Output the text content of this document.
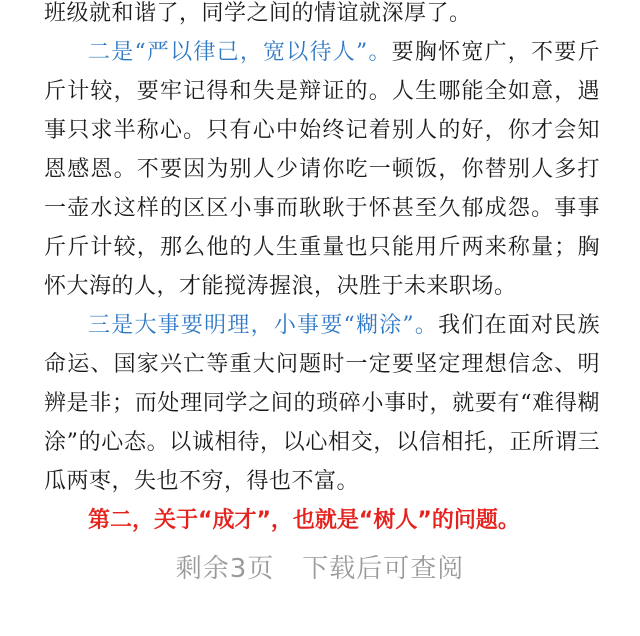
班级就和谐了，同学之间的情谊就深厚了。

二是“严以律己，宽以待人”。要胸怀宽广，不要斤斤计较，要牢记得和失是辩证的。人生哪能全如意，遇事只求半称心。只有心中始终记着别人的好，你才会知恩感恩。不要因为别人少请你吃一顿饭，你替别人多打一壶水这样的区区小事而耿耿于怀甚至久郁成怨。事事斤斤计较，那么他的人生重量也只能用斤两来称量；胸怀大海的人，才能搅涛握浪，决胜于未来职场。

三是大事要明理，小事要“糊涂”。我们在面对民族命运、国家兴亡等重大问题时一定要坚定理想信念、明辨是非；而处理同学之间的琐碎小事时，就要有“难得糊涂”的心态。以诚相待，以心相交，以信相托，正所谓三瓜两枣，失也不穷，得也不富。

第二，关于“成才”，也就是“树人”的问题。

剩余3页 下载后可查阅
